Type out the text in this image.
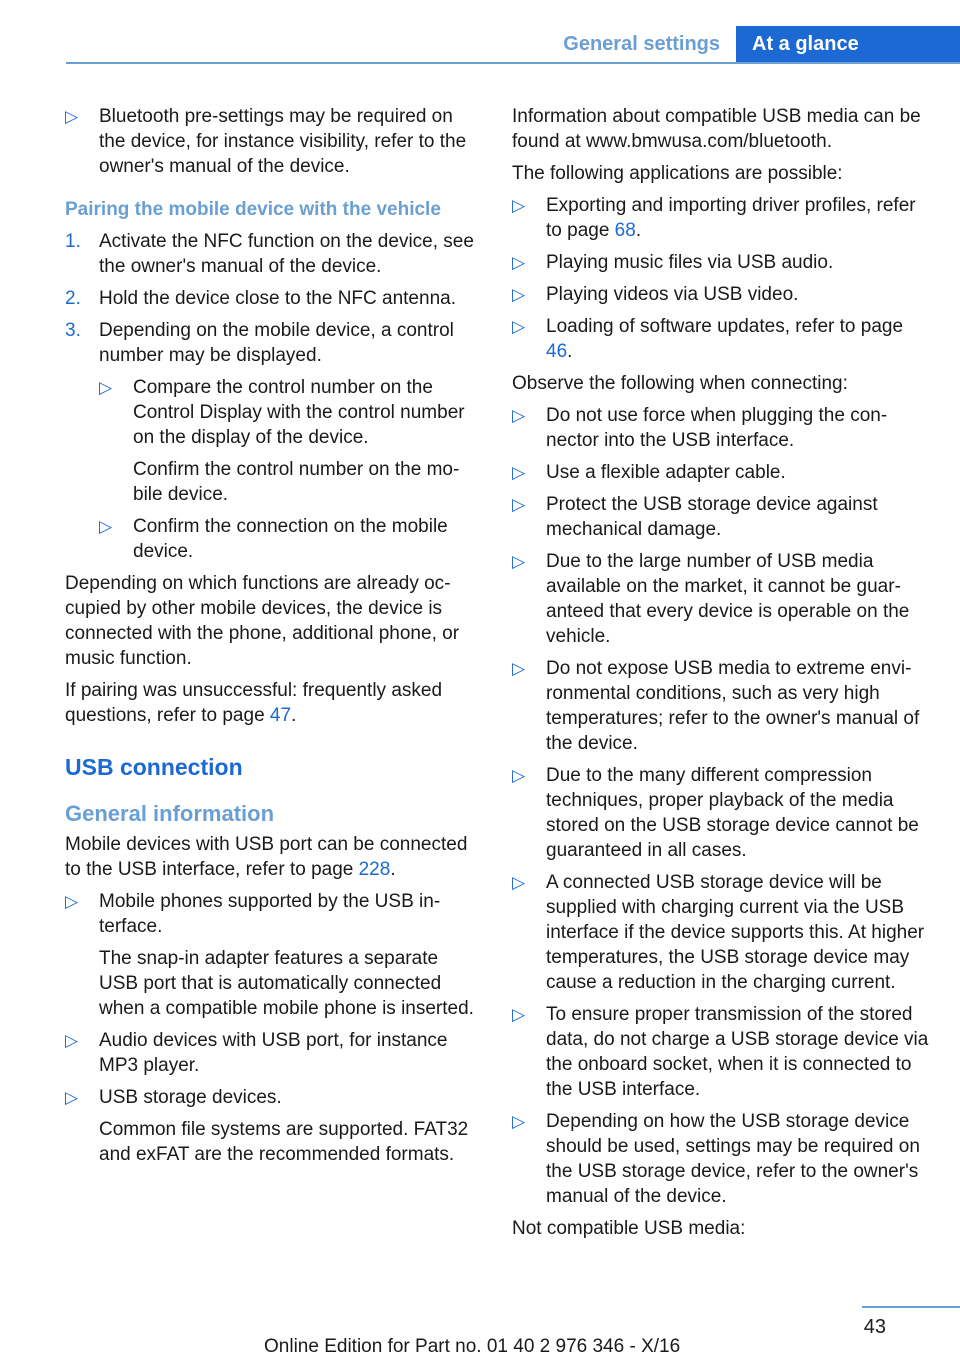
General settings	At a glance
▷ Bluetooth pre-settings may be required on the device, for instance visibility, refer to the owner's manual of the device.
Pairing the mobile device with the vehicle
1. Activate the NFC function on the device, see the owner's manual of the device.
2. Hold the device close to the NFC antenna.
3. Depending on the mobile device, a control number may be displayed.
▷ Compare the control number on the Control Display with the control number on the display of the device.
Confirm the control number on the mobile device.
▷ Confirm the connection on the mobile device.

Depending on which functions are already occupied by other mobile devices, the device is connected with the phone, additional phone, or music function.

If pairing was unsuccessful: frequently asked questions, refer to page 47.

USB connection
General information

Mobile devices with USB port can be connected to the USB interface, refer to page 228.

▷ Mobile phones supported by the USB interface.
The snap-in adapter features a separate USB port that is automatically connected when a compatible mobile phone is inserted.
▷ Audio devices with USB port, for instance MP3 player.
▷ USB storage devices.
Common file systems are supported. FAT32 and exFAT are the recommended formats.

Information about compatible USB media can be found at www.bmwusa.com/bluetooth.

The following applications are possible:

▷ Exporting and importing driver profiles, refer to page 68.
▷ Playing music files via USB audio.
▷ Playing videos via USB video.
▷ Loading of software updates, refer to page 46.

Observe the following when connecting:

▷ Do not use force when plugging the connector into the USB interface.
▷ Use a flexible adapter cable.
▷ Protect the USB storage device against mechanical damage.
▷ Due to the large number of USB media available on the market, it cannot be guaranteed that every device is operable on the vehicle.
▷ Do not expose USB media to extreme environmental conditions, such as very high temperatures; refer to the owner's manual of the device.
▷ Due to the many different compression techniques, proper playback of the media stored on the USB storage device cannot be guaranteed in all cases.
▷ A connected USB storage device will be supplied with charging current via the USB interface if the device supports this. At higher temperatures, the USB storage device may cause a reduction in the charging current.
▷ To ensure proper transmission of the stored data, do not charge a USB storage device via the onboard socket, when it is connected to the USB interface.
▷ Depending on how the USB storage device should be used, settings may be required on the USB storage device, refer to the owner's manual of the device.

Not compatible USB media:

43
Online Edition for Part no. 01 40 2 976 346 - X/16
